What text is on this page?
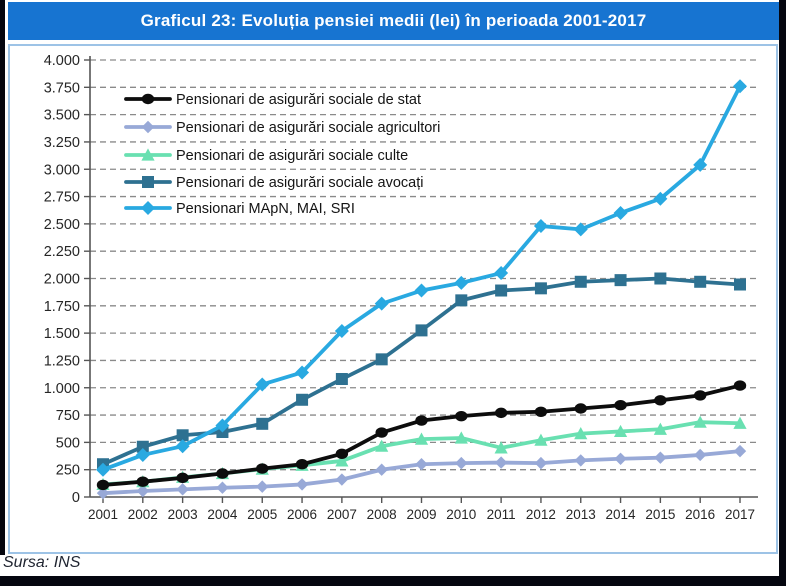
Graficul 23: Evoluția pensiei medii (lei) în perioada 2001-2017
0
250
500
750
1.000
1.250
1.500
1.750
2.000
2.250
2.500
2.750
3.000
3.250
3.500
3.750
4.000
2001 2002 2003 2004 2005 2006 2007 2008 2009 2010 2011 2012 2013 2014 2015 2016 2017
Pensionari de asigurări sociale de stat
Pensionari de asigurări sociale agricultori
Pensionari de asigurări sociale culte
Pensionari de asigurări sociale avocați
Pensionari MApN, MAI, SRI
Sursa: INS
